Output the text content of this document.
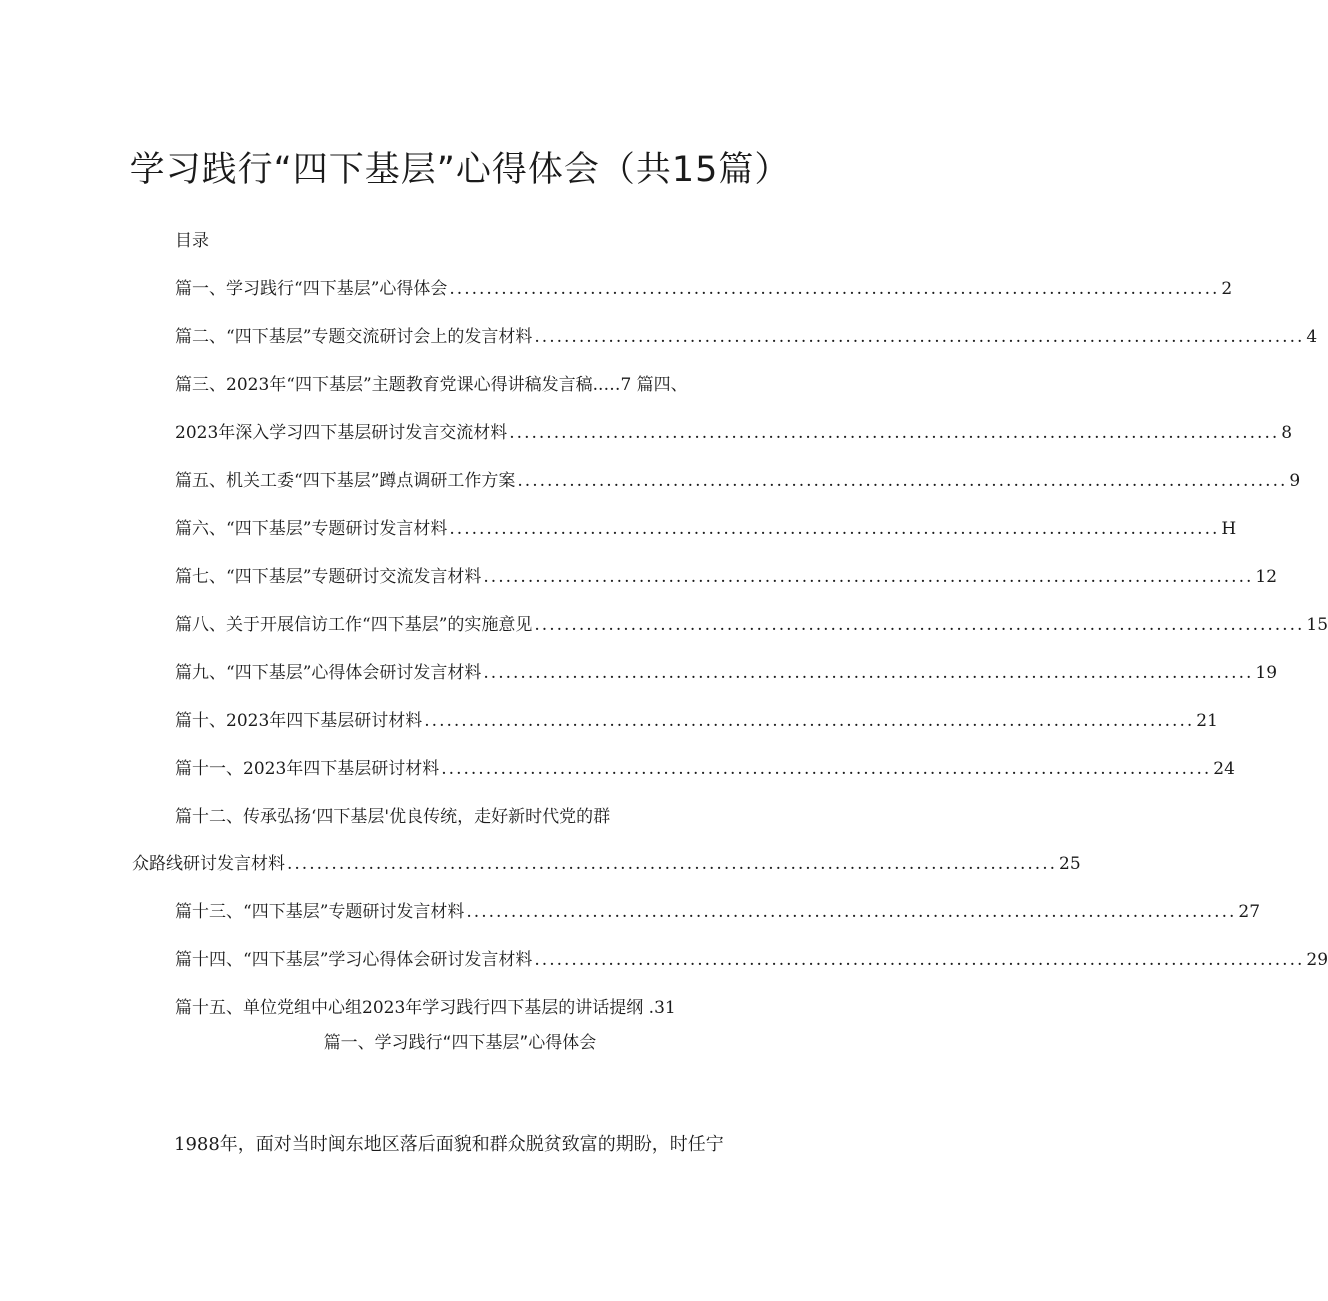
学习践行“四下基层”心得体会（共15篇）
目录
篇一、学习践行“四下基层”心得体会 ........................................................................................................ 2
篇二、“四下基层”专题交流研讨会上的发言材料 ........................................................................................................ 4
篇三、2023年“四下基层”主题教育党课心得讲稿发言稿..…7 篇四、
2023年深入学习四下基层研讨发言交流材料 ........................................................................................................ 8
篇五、机关工委“四下基层”蹲点调研工作方案 ........................................................................................................ 9
篇六、“四下基层”专题研讨发言材料 ........................................................................................................ H
篇七、“四下基层”专题研讨交流发言材料 ........................................................................................................ 12
篇八、关于开展信访工作“四下基层”的实施意见 ........................................................................................................ 15
篇九、“四下基层”心得体会研讨发言材料 ........................................................................................................ 19
篇十、2023年四下基层研讨材料 ........................................................................................................ 21
篇十一、2023年四下基层研讨材料 ........................................................................................................ 24
篇十二、传承弘扬‘四下基层'优良传统，走好新时代党的群
众路线研讨发言材料 ........................................................................................................ 25
篇十三、“四下基层”专题研讨发言材料 ........................................................................................................ 27
篇十四、“四下基层”学习心得体会研讨发言材料 ........................................................................................................ 29
篇十五、单位党组中心组2023年学习践行四下基层的讲话提纲 . 31
篇一、学习践行“四下基层”心得体会

1988年，面对当时闽东地区落后面貌和群众脱贫致富的期盼，时任宁
